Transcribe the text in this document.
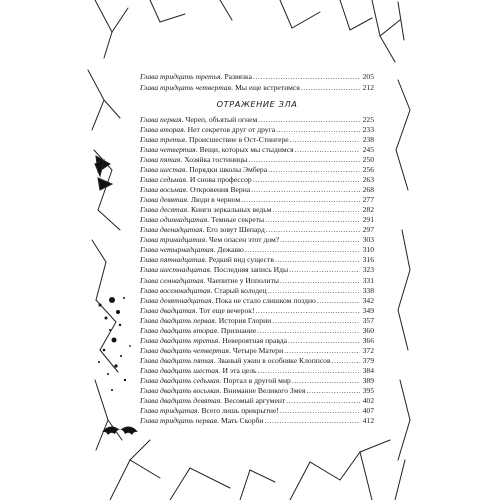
Глава тридцать третья . Развязка .....	205
Глава тридцать четвертая . Мы еще встретимся .....	212
ОТРАЖЕНИЕ ЗЛА
Глава первая . Череп, объятый огнем .....	225
Глава вторая . Нет секретов друг от друга .....	233
Глава третья . Происшествие в Ост-Стингере .....	238
Глава четвертая . Вещи, которых мы стыдимся .....	245
Глава пятая . Хозяйка гостиницы .....	250
Глава шестая . Порядки школы Эмбера .....	256
Глава седьмая . И снова профессор .....	263
Глава восьмая . Откровения Верна .....	268
Глава девятая . Люди в черном .....	277
Глава десятая . Книги зеркальных ведьм .....	282
Глава одиннадцатая . Темные секреты .....	291
Глава двенадцатая . Его зовут Шепард .....	297
Глава тринадцатая . Чем опасен этот дом? .....	303
Глава четырнадцатая . Дежавю .....	310
Глава пятнадцатая . Редкий вид существ .....	316
Глава шестнадцатая . Последняя запись Иды .....	323
Глава семнадцатая . Чаепитие у Ипполиты .....	331
Глава восемнадцатая . Старый колодец .....	338
Глава девятнадцатая . Пока не стало слишком поздно .....	342
Глава двадцатая . Тот еще вечерок! .....	349
Глава двадцать первая . История Глории .....	357
Глава двадцать вторая . Признание .....	360
Глава двадцать третья . Невероятная правда .....	366
Глава двадцать четвертая . Четыре Матери .....	372
Глава двадцать пятая . Званый ужин в особняке Клоппсов .....	379
Глава двадцать шестая . И эта цель .....	384
Глава двадцать седьмая . Портал в другой мир .....	389
Глава двадцать восьмая . Внимание Великого Змея .....	395
Глава двадцать девятая . Весомый аргумент .....	402
Глава тридцатая . Всего лишь прикрытие! .....	407
Глава тридцать первая . Мать Скорби .....	412
